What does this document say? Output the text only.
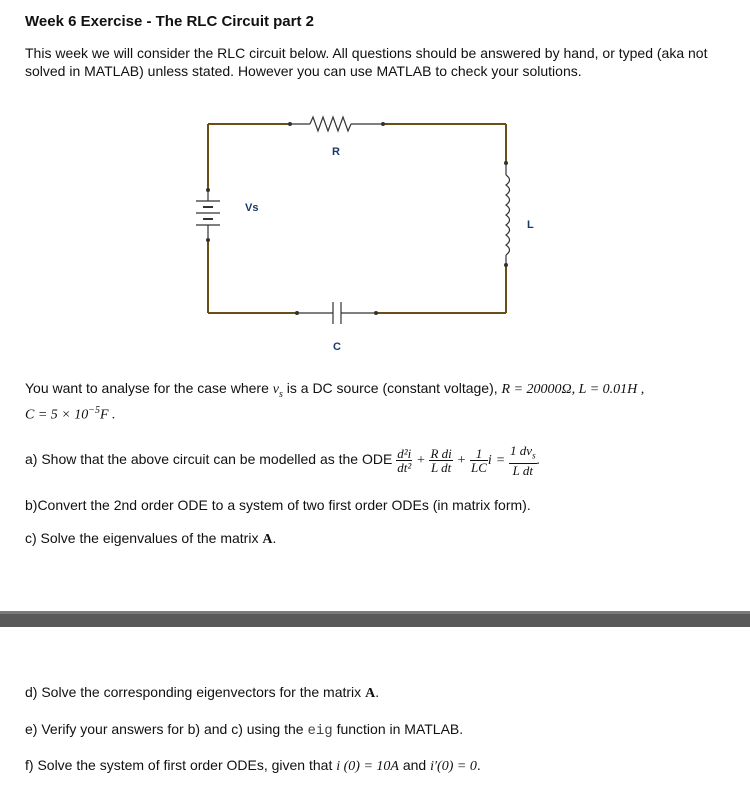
Week 6 Exercise - The RLC Circuit part 2
This week we will consider the RLC circuit below. All questions should be answered by hand, or typed (aka not solved in MATLAB) unless stated. However you can use MATLAB to check your solutions.
R
Vs
L
C
You want to analyse for the case where $v_s$ is a DC source (constant voltage), R = 20000Ω, L = 0.01H ,
$C = 5 \times 10^{-5}F$ .
a) Show that the above circuit can be modelled as the ODE $\frac{\text{d²i}}{\text{dt²}} + \frac{\text{R di}}{\text{L dt}} + \frac{1}{LC}$ $i = \frac{1 dv_s}{\text{L dt}}$ .
b)Convert the 2nd order ODE to a system of two first order ODEs (in matrix form).
c) Solve the eigenvalues of the matrix A.
d) Solve the corresponding eigenvectors for the matrix A.
e) Verify your answers for b) and c) using the eig function in MATLAB.
f) Solve the system of first order ODEs, given that i (0) = 10A and i′(0) = 0.
